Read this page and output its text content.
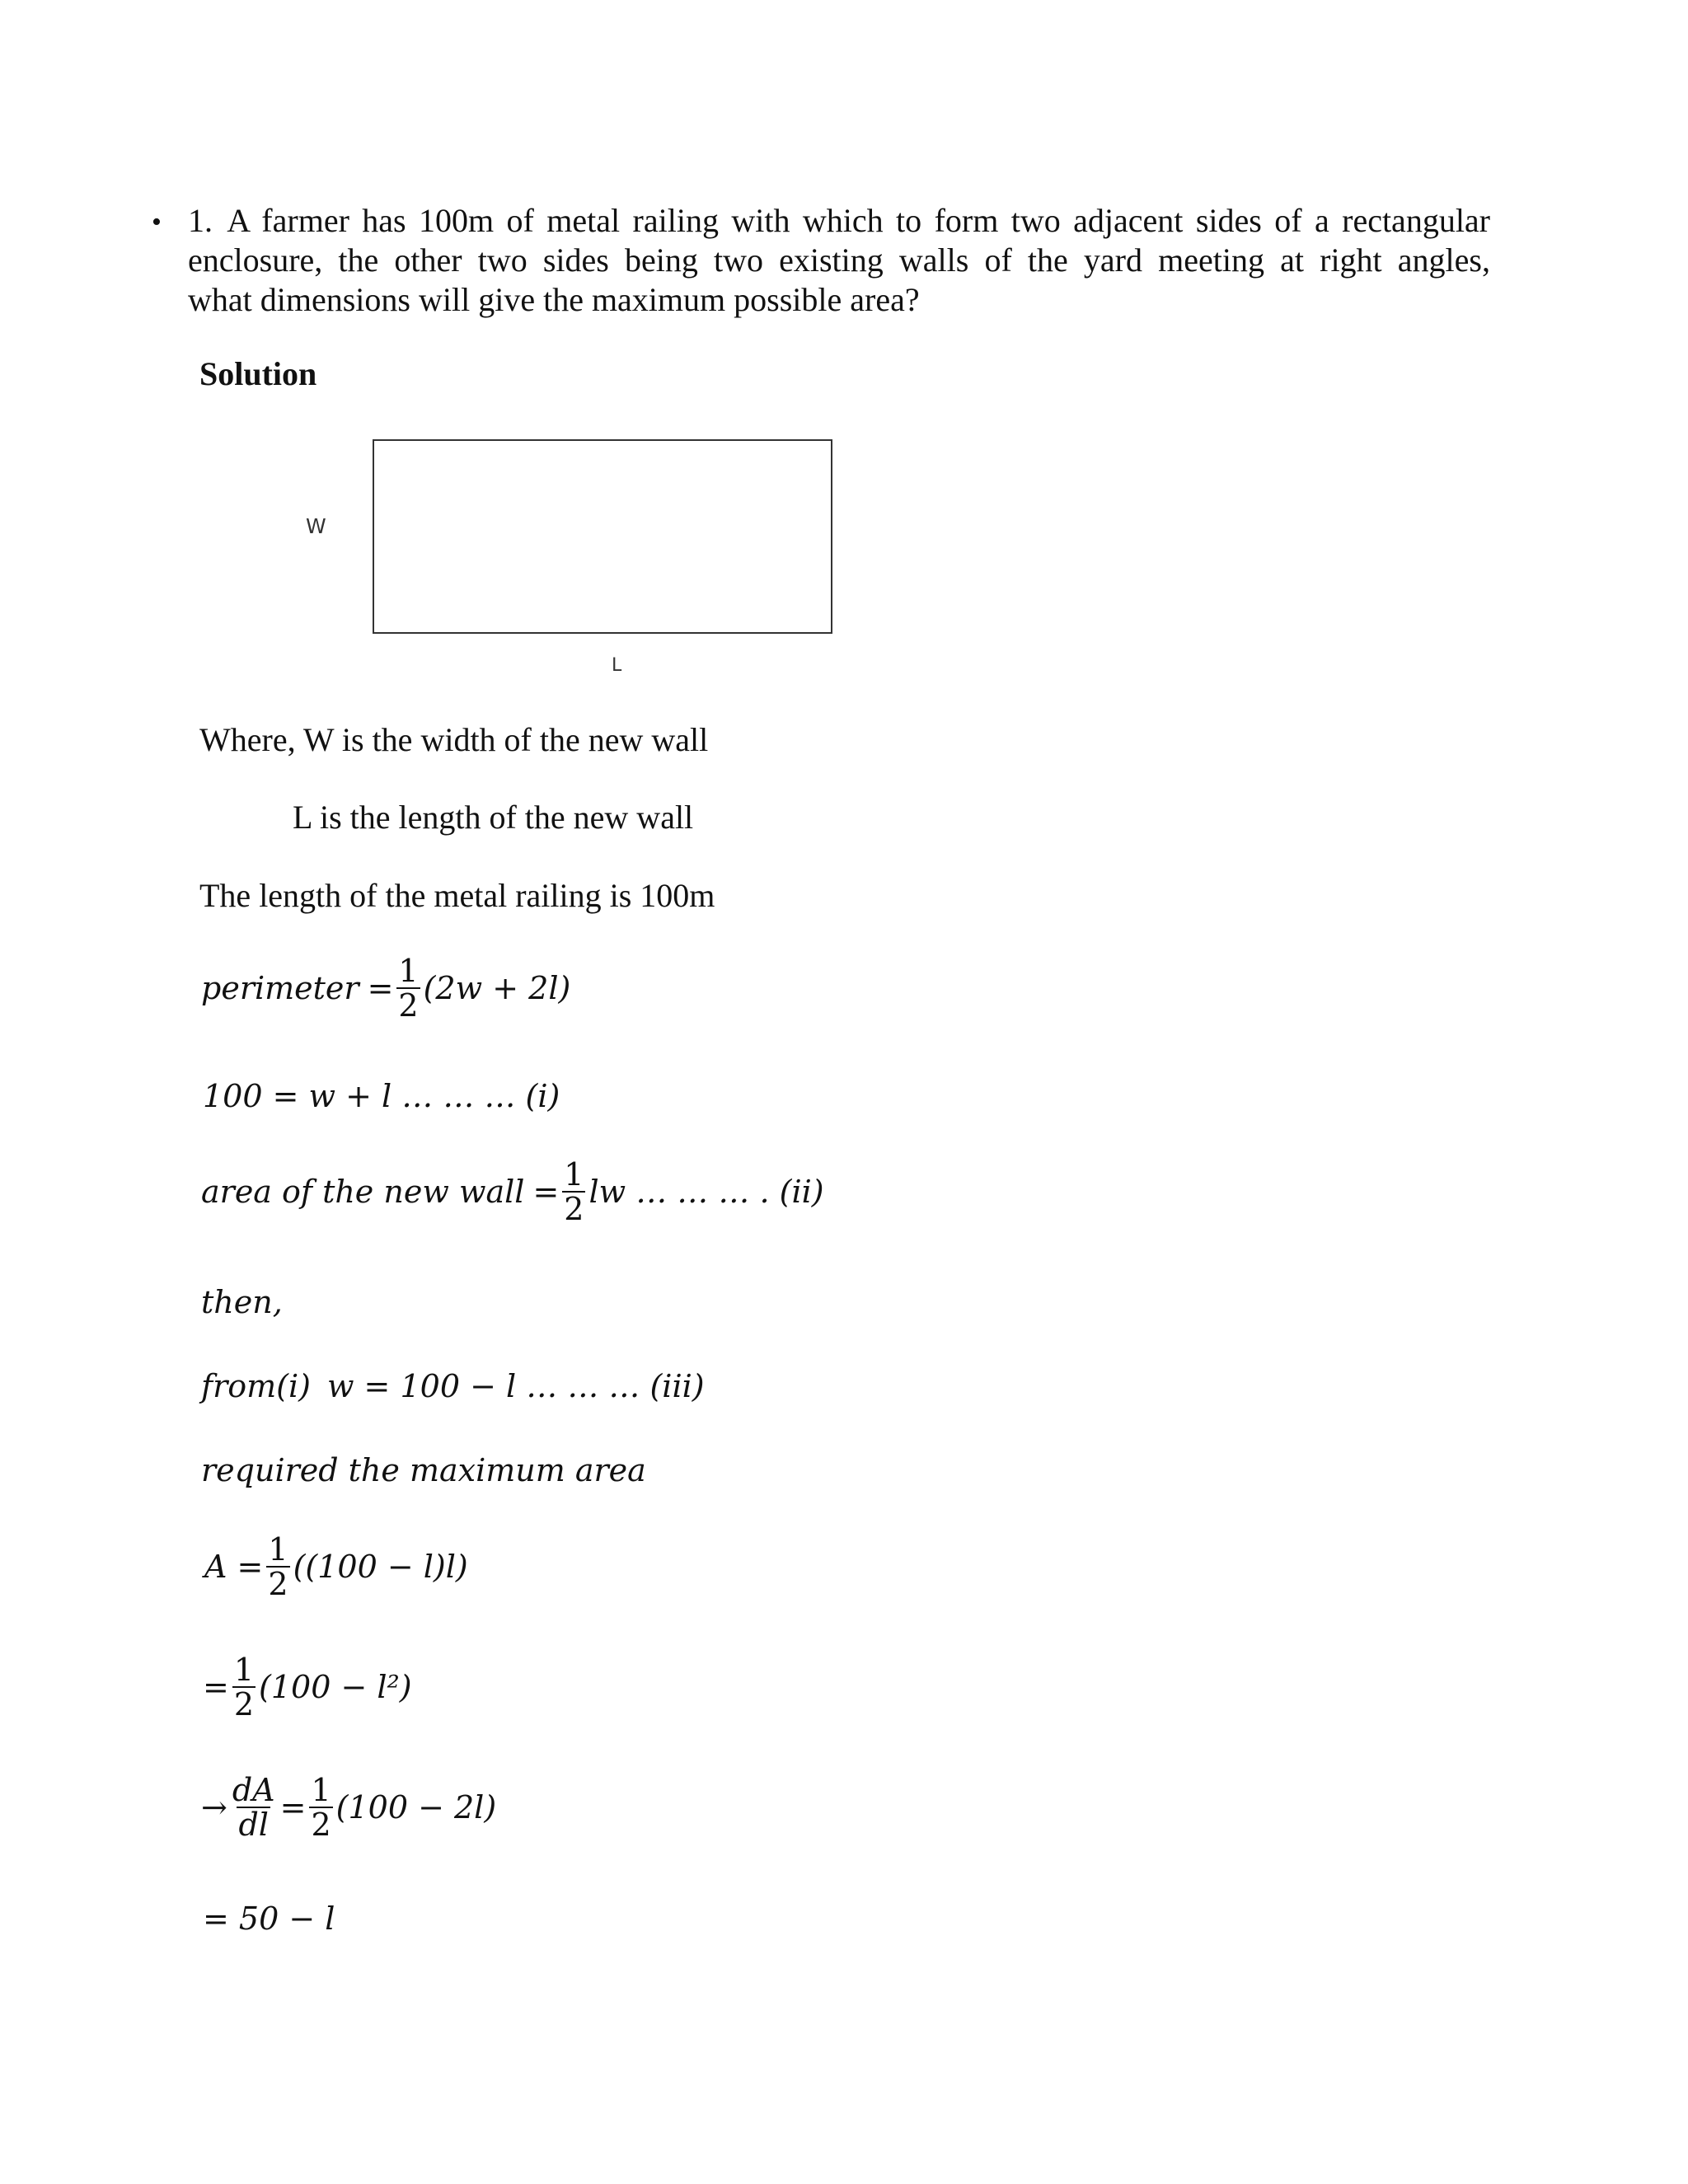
• 1. A farmer has 100m of metal railing with which to form two adjacent sides of a rectangular
enclosure, the other two sides being two existing walls of the yard meeting at right angles,
what dimensions will give the maximum possible area?
Solution
W
L
Where, W is the width of the new wall
L is the length of the new wall
The length of the metal railing is 100m
perimeter = $\frac{1}{2} (2w + 2l)$
100 = w + l … … … (i)
area of the new wall = $\frac{1}{2}$ lw … … … . (ii)
then,
from(i) w = 100 − l … … … (iii)
required the maximum area
$A = \frac{1}{2} ((100 - l)l)$
= $\frac{1}{2} (100 - l^2)$
→ $\frac{dA}{dl} = \frac{1}{2} (100 - 2l)$
= 50 − l
